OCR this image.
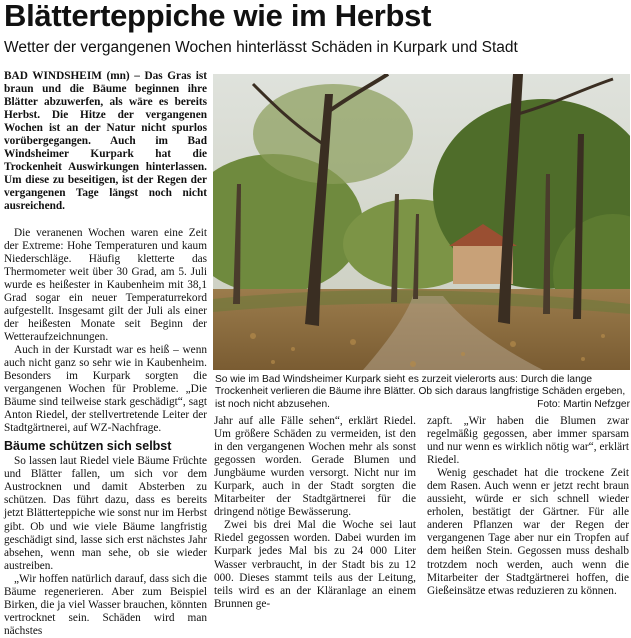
Blätterteppiche wie im Herbst
Wetter der vergangenen Wochen hinterlässt Schäden in Kurpark und Stadt

BAD WINDSHEIM (mn) – Das Gras ist braun und die Bäume beginnen ihre Blätter abzuwerfen, als wäre es bereits Herbst. Die Hitze der vergangenen Wochen ist an der Natur nicht spurlos vorübergegangen. Auch im Bad Windsheimer Kurpark hat die Trockenheit Auswirkungen hinterlassen. Um diese zu beseitigen, ist der Regen der vergangenen Tage längst noch nicht ausreichend.

Die veranenen Wochen waren eine Zeit der Extreme: Hohe Temperaturen und kaum Niederschläge. Häufig kletterte das Thermometer weit über 30 Grad, am 5. Juli wurde es heißester in Kaubenheim mit 38,1 Grad sogar ein neuer Temperaturrekord aufgestellt. Insgesamt gilt der Juli als einer der heißesten Monate seit Beginn der Wetteraufzeichnungen.

Auch in der Kurstadt war es heiß – wenn auch nicht ganz so sehr wie in Kaubenheim. Besonders im Kurpark sorgten die vergangenen Wochen für Probleme. „Die Bäume sind teilweise stark geschädigt“, sagt Anton Riedel, der stellvertretende Leiter der Stadtgärtnerei, auf WZ-Nachfrage.

Bäume schützen sich selbst

So lassen laut Riedel viele Bäume Früchte und Blätter fallen, um sich vor dem Austrocknen und damit Absterben zu schützen. Das führt dazu, dass es bereits jetzt Blätterteppiche wie sonst nur im Herbst gibt. Ob und wie viele Bäume langfristig geschädigt sind, lasse sich erst nächstes Jahr absehen, wenn man sehe, ob sie wieder austreiben.

„Wir hoffen natürlich darauf, dass sich die Bäume regenerieren. Aber zum Beispiel Birken, die ja viel Wasser brauchen, könnten vertrocknet sein. Schäden wird man nächstes

So wie im Bad Windsheimer Kurpark sieht es zurzeit vielerorts aus: Durch die lange Trockenheit verlieren die Bäume ihre Blätter. Ob sich daraus langfristige Schäden ergeben, ist noch nicht abzusehen.	Foto: Martin Nefzger

Jahr auf alle Fälle sehen“, erklärt Riedel. Um größere Schäden zu vermeiden, ist den in den vergangenen Wochen mehr als sonst gegossen worden. Gerade Blumen und Jungbäume wurden versorgt. Nicht nur im Kurpark, auch in der Stadt sorgten die Mitarbeiter der Stadtgärtnerei für die dringend nötige Bewässerung.

Zwei bis drei Mal die Woche sei laut Riedel gegossen worden. Dabei wurden im Kurpark jedes Mal bis zu 24 000 Liter Wasser verbraucht, in der Stadt bis zu 12 000. Dieses stammt teils aus der Leitung, teils wird es an der Kläranlage an einem Brunnen ge-

zapft. „Wir haben die Blumen zwar regelmäßig gegossen, aber immer sparsam und nur wenn es wirklich nötig war“, erklärt Riedel.

Wenig geschadet hat die trockene Zeit dem Rasen. Auch wenn er jetzt recht braun aussieht, würde er sich schnell wieder erholen, bestätigt der Gärtner. Für alle anderen Pflanzen war der Regen der vergangenen Tage aber nur ein Tropfen auf dem heißen Stein. Gegossen muss deshalb trotzdem noch werden, auch wenn die Mitarbeiter der Stadtgärtnerei hoffen, die Gießeinsätze etwas reduzieren zu können.
